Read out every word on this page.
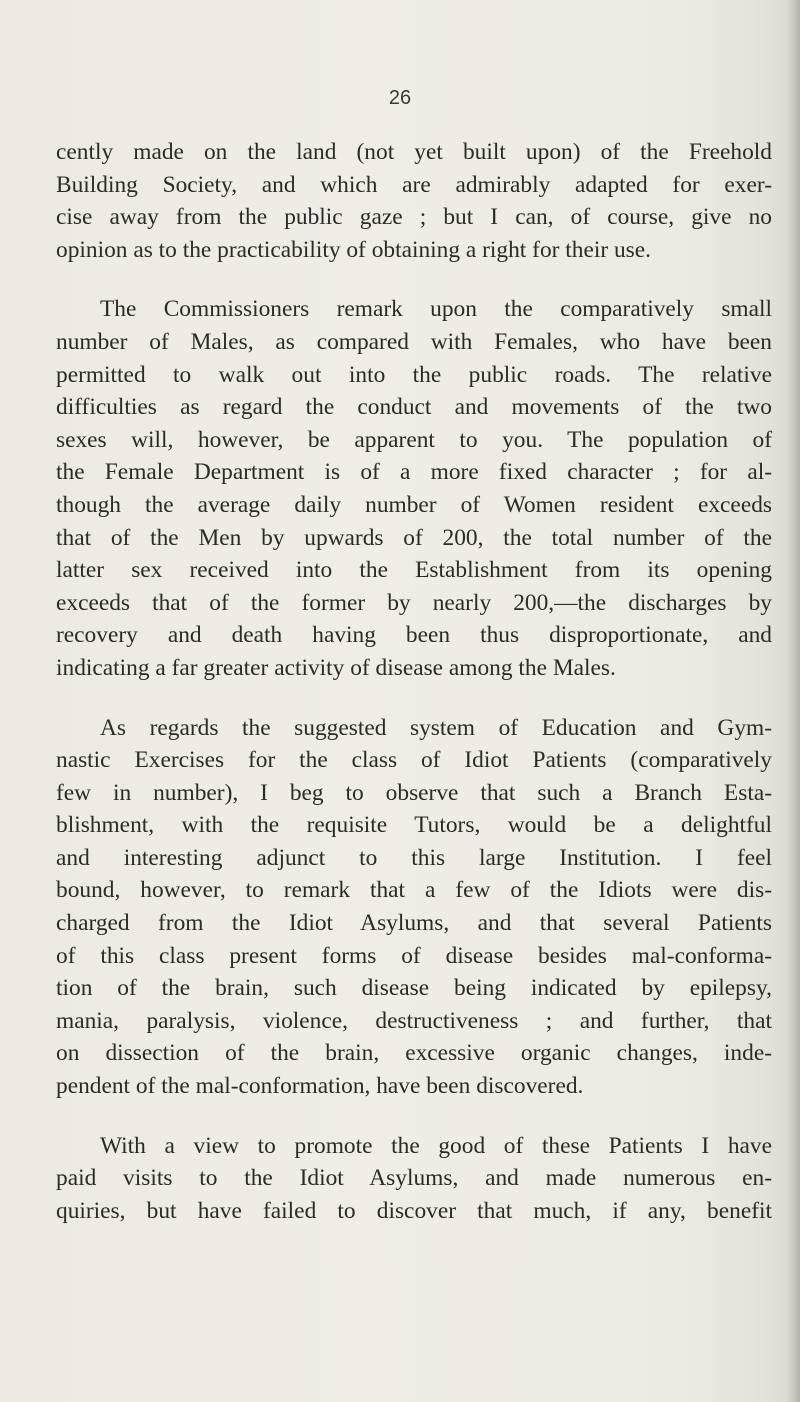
26
cently made on the land (not yet built upon) of the Freehold
Building Society, and which are admirably adapted for exer-
cise away from the public gaze ; but I can, of course, give no
opinion as to the practicability of obtaining a right for their use.
The Commissioners remark upon the comparatively small
number of Males, as compared with Females, who have been
permitted to walk out into the public roads. The relative
difficulties as regard the conduct and movements of the two
sexes will, however, be apparent to you. The population of
the Female Department is of a more fixed character ; for al-
though the average daily number of Women resident exceeds
that of the Men by upwards of 200, the total number of the
latter sex received into the Establishment from its opening
exceeds that of the former by nearly 200,—the discharges by
recovery and death having been thus disproportionate, and
indicating a far greater activity of disease among the Males.
As regards the suggested system of Education and Gym-
nastic Exercises for the class of Idiot Patients (comparatively
few in number), I beg to observe that such a Branch Esta-
blishment, with the requisite Tutors, would be a delightful
and interesting adjunct to this large Institution. I feel
bound, however, to remark that a few of the Idiots were dis-
charged from the Idiot Asylums, and that several Patients
of this class present forms of disease besides mal-conforma-
tion of the brain, such disease being indicated by epilepsy,
mania, paralysis, violence, destructiveness ; and further, that
on dissection of the brain, excessive organic changes, inde-
pendent of the mal-conformation, have been discovered.
With a view to promote the good of these Patients I have
paid visits to the Idiot Asylums, and made numerous en-
quiries, but have failed to discover that much, if any, benefit
